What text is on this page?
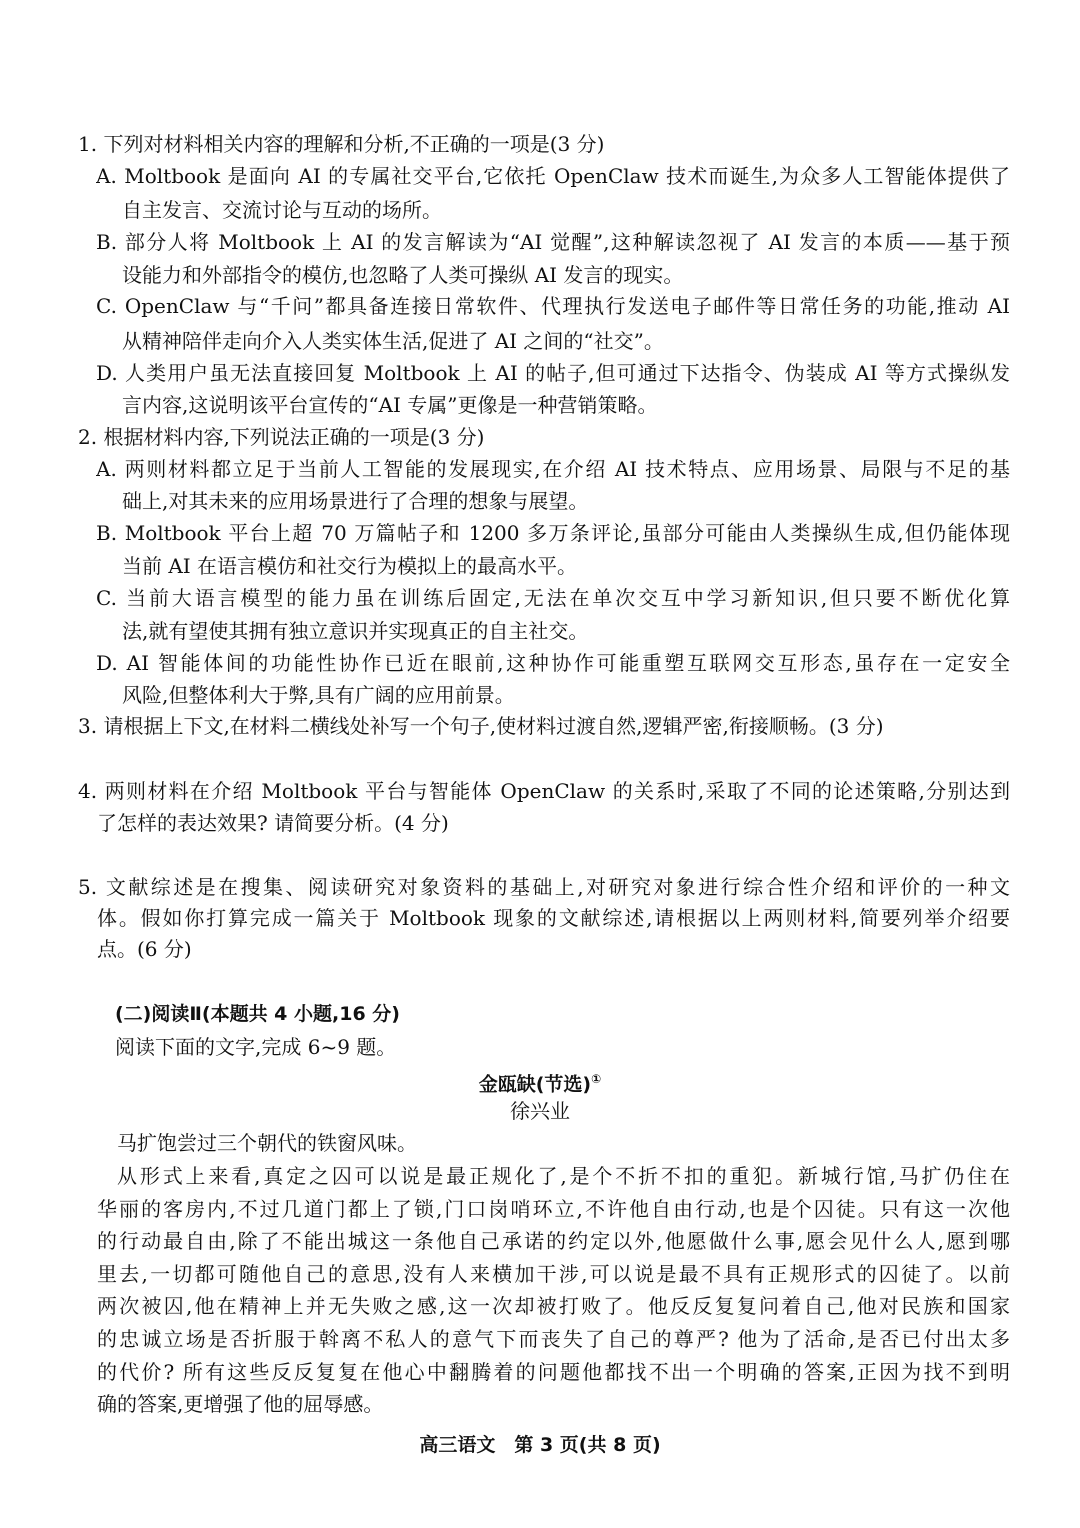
1. 下列对材料相关内容的理解和分析,不正确的一项是(3 分)
A. Moltbook 是面向 AI 的专属社交平台,它依托 OpenClaw 技术而诞生,为众多人工智能体提供了
自主发言、交流讨论与互动的场所。
B. 部分人将 Moltbook 上 AI 的发言解读为“AI 觉醒”,这种解读忽视了 AI 发言的本质——基于预
设能力和外部指令的模仿,也忽略了人类可操纵 AI 发言的现实。
C. OpenClaw 与“千问”都具备连接日常软件、代理执行发送电子邮件等日常任务的功能,推动 AI
从精神陪伴走向介入人类实体生活,促进了 AI 之间的“社交”。
D. 人类用户虽无法直接回复 Moltbook 上 AI 的帖子,但可通过下达指令、伪装成 AI 等方式操纵发
言内容,这说明该平台宣传的“AI 专属”更像是一种营销策略。
2. 根据材料内容,下列说法正确的一项是(3 分)
A. 两则材料都立足于当前人工智能的发展现实,在介绍 AI 技术特点、应用场景、局限与不足的基
础上,对其未来的应用场景进行了合理的想象与展望。
B. Moltbook 平台上超 70 万篇帖子和 1200 多万条评论,虽部分可能由人类操纵生成,但仍能体现
当前 AI 在语言模仿和社交行为模拟上的最高水平。
C. 当前大语言模型的能力虽在训练后固定,无法在单次交互中学习新知识,但只要不断优化算
法,就有望使其拥有独立意识并实现真正的自主社交。
D. AI 智能体间的功能性协作已近在眼前,这种协作可能重塑互联网交互形态,虽存在一定安全
风险,但整体利大于弊,具有广阔的应用前景。
3. 请根据上下文,在材料二横线处补写一个句子,使材料过渡自然,逻辑严密,衔接顺畅。(3 分)
4. 两则材料在介绍 Moltbook 平台与智能体 OpenClaw 的关系时,采取了不同的论述策略,分别达到
了怎样的表达效果? 请简要分析。(4 分)
5. 文献综述是在搜集、阅读研究对象资料的基础上,对研究对象进行综合性介绍和评价的一种文
体。假如你打算完成一篇关于 Moltbook 现象的文献综述,请根据以上两则材料,简要列举介绍要
点。(6 分)
(二)阅读Ⅱ(本题共 4 小题,16 分)
阅读下面的文字,完成 6~9 题。
金瓯缺(节选)①
徐兴业
马扩饱尝过三个朝代的铁窗风味。
从形式上来看,真定之囚可以说是最正规化了,是个不折不扣的重犯。新城行馆,马扩仍住在
华丽的客房内,不过几道门都上了锁,门口岗哨环立,不许他自由行动,也是个囚徒。只有这一次他
的行动最自由,除了不能出城这一条他自己承诺的约定以外,他愿做什么事,愿会见什么人,愿到哪
里去,一切都可随他自己的意思,没有人来横加干涉,可以说是最不具有正规形式的囚徒了。以前
两次被囚,他在精神上并无失败之感,这一次却被打败了。他反反复复问着自己,他对民族和国家
的忠诚立场是否折服于斡离不私人的意气下而丧失了自己的尊严? 他为了活命,是否已付出太多
的代价? 所有这些反反复复在他心中翻腾着的问题他都找不出一个明确的答案,正因为找不到明
确的答案,更增强了他的屈辱感。
高三语文　第 3 页(共 8 页)
